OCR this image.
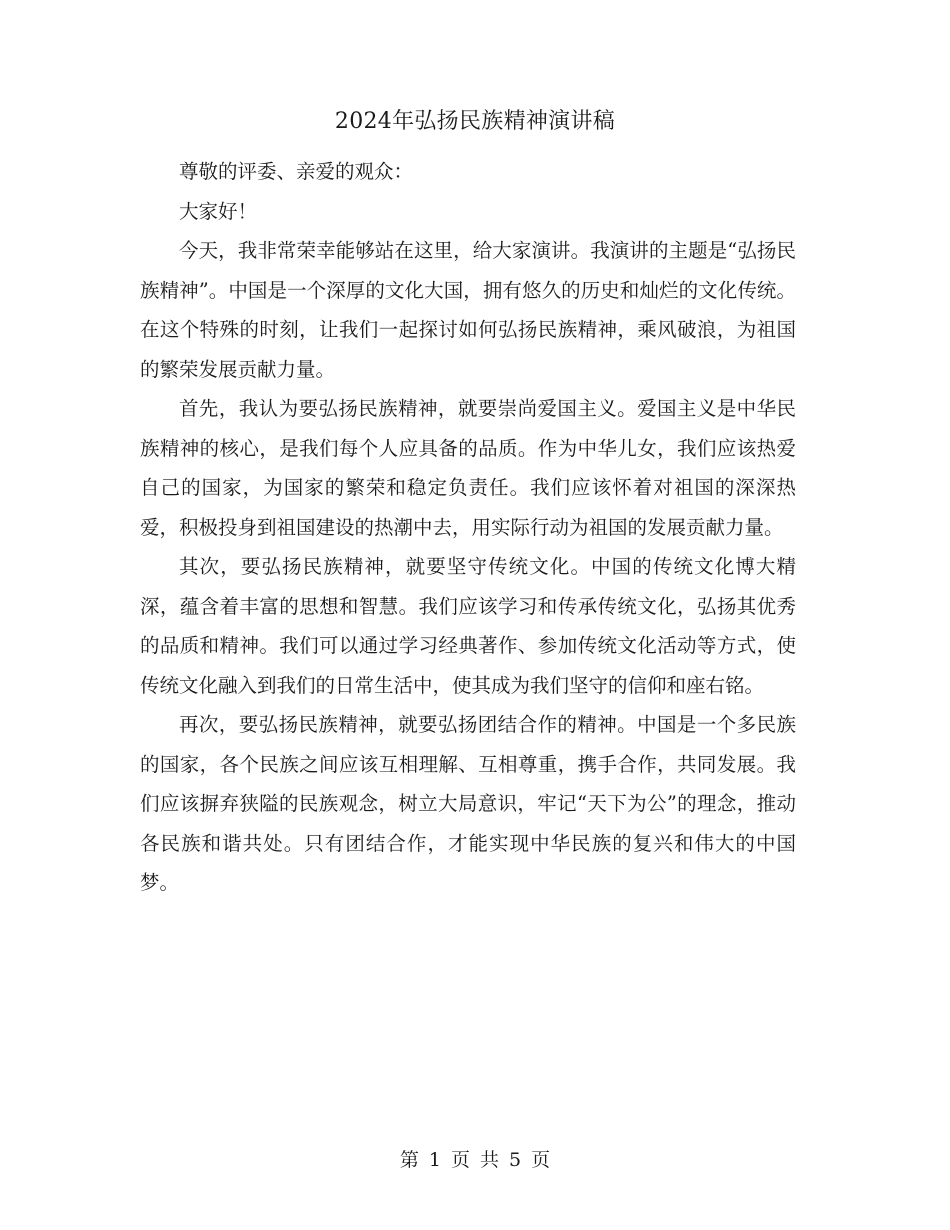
2024年弘扬民族精神演讲稿

尊敬的评委、亲爱的观众：

大家好！

今天，我非常荣幸能够站在这里，给大家演讲。我演讲的主题是“弘扬民族精神”。中国是一个深厚的文化大国，拥有悠久的历史和灿烂的文化传统。在这个特殊的时刻，让我们一起探讨如何弘扬民族精神，乘风破浪，为祖国的繁荣发展贡献力量。

首先，我认为要弘扬民族精神，就要崇尚爱国主义。爱国主义是中华民族精神的核心，是我们每个人应具备的品质。作为中华儿女，我们应该热爱自己的国家，为国家的繁荣和稳定负责任。我们应该怀着对祖国的深深热爱，积极投身到祖国建设的热潮中去，用实际行动为祖国的发展贡献力量。

其次，要弘扬民族精神，就要坚守传统文化。中国的传统文化博大精深，蕴含着丰富的思想和智慧。我们应该学习和传承传统文化，弘扬其优秀的品质和精神。我们可以通过学习经典著作、参加传统文化活动等方式，使传统文化融入到我们的日常生活中，使其成为我们坚守的信仰和座右铭。

再次，要弘扬民族精神，就要弘扬团结合作的精神。中国是一个多民族的国家，各个民族之间应该互相理解、互相尊重，携手合作，共同发展。我们应该摒弃狭隘的民族观念，树立大局意识，牢记“天下为公”的理念，推动各民族和谐共处。只有团结合作，才能实现中华民族的复兴和伟大的中国梦。

第 1 页 共 5 页
